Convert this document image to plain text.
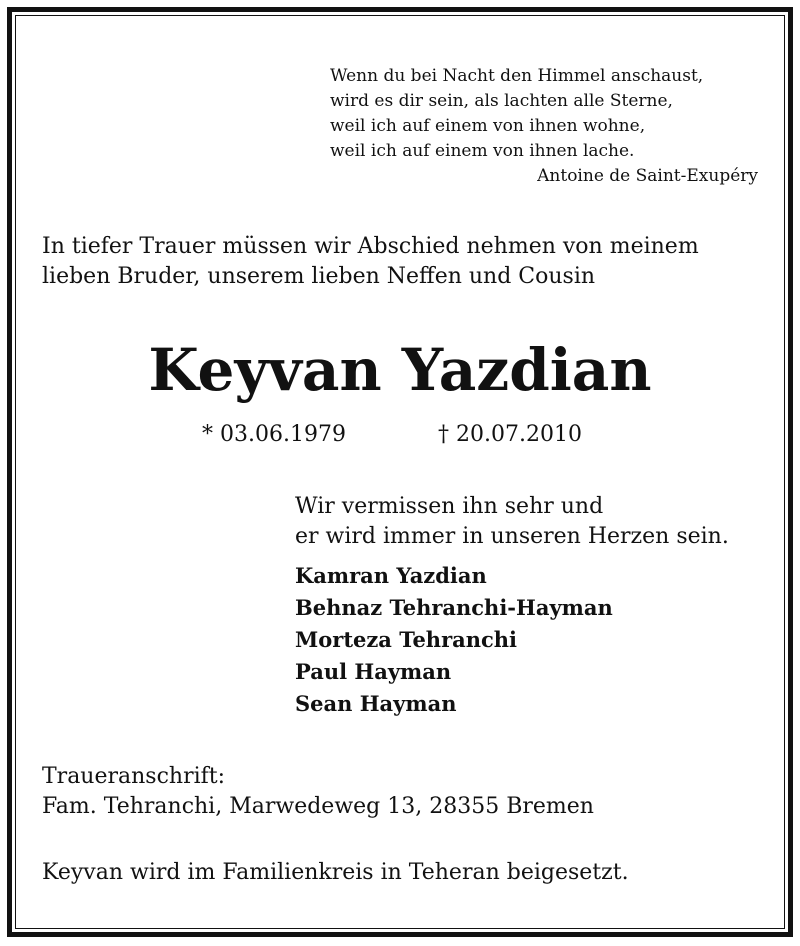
Wenn du bei Nacht den Himmel anschaust,
wird es dir sein, als lachten alle Sterne,
weil ich auf einem von ihnen wohne,
weil ich auf einem von ihnen lache.
Antoine de Saint-Exupéry
In tiefer Trauer müssen wir Abschied nehmen von meinem
lieben Bruder, unserem lieben Neffen und Cousin
Keyvan Yazdian
* 03.06.1979	† 20.07.2010
Wir vermissen ihn sehr und
er wird immer in unseren Herzen sein.
Kamran Yazdian
Behnaz Tehranchi-Hayman
Morteza Tehranchi
Paul Hayman
Sean Hayman
Traueranschrift:
Fam. Tehranchi, Marwedeweg 13, 28355 Bremen
Keyvan wird im Familienkreis in Teheran beigesetzt.
